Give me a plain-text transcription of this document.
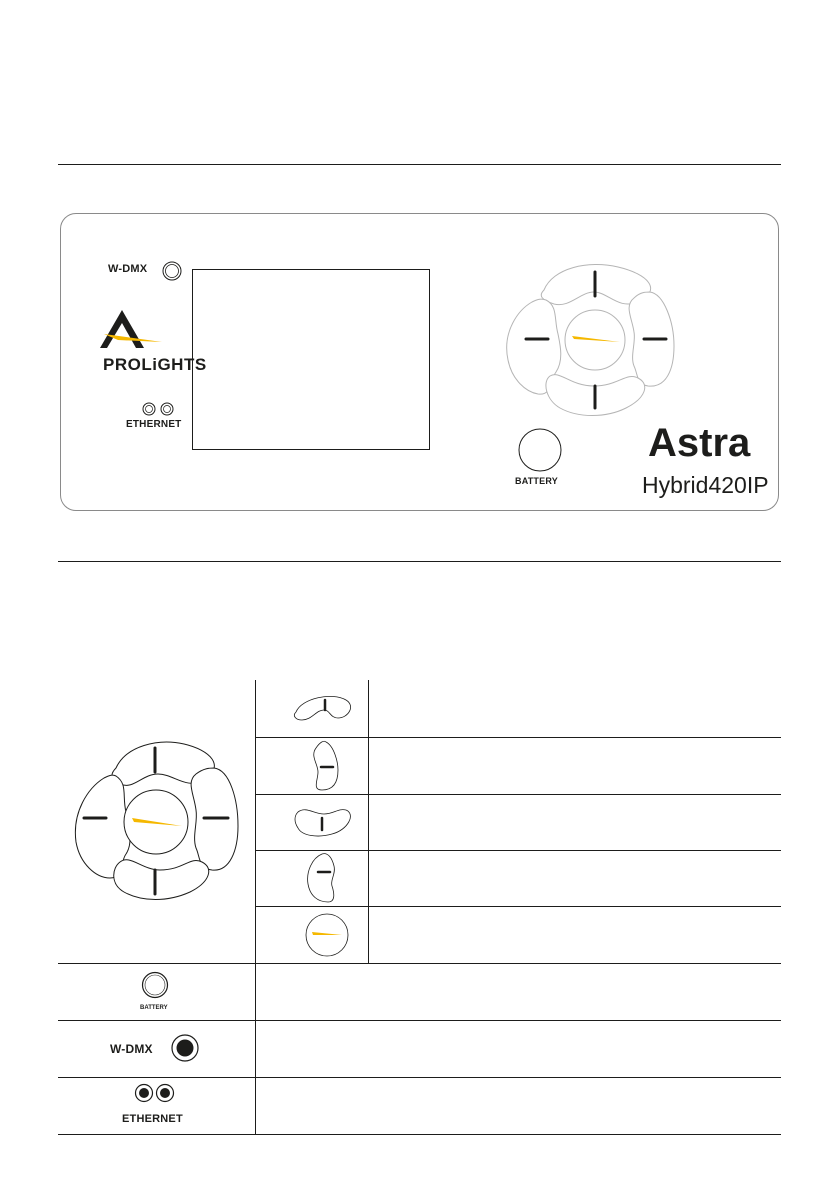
W-DMX
PROLiGHTS
ETHERNET
BATTERY
Astra
Hybrid420IP
BATTERY
W-DMX
ETHERNET
